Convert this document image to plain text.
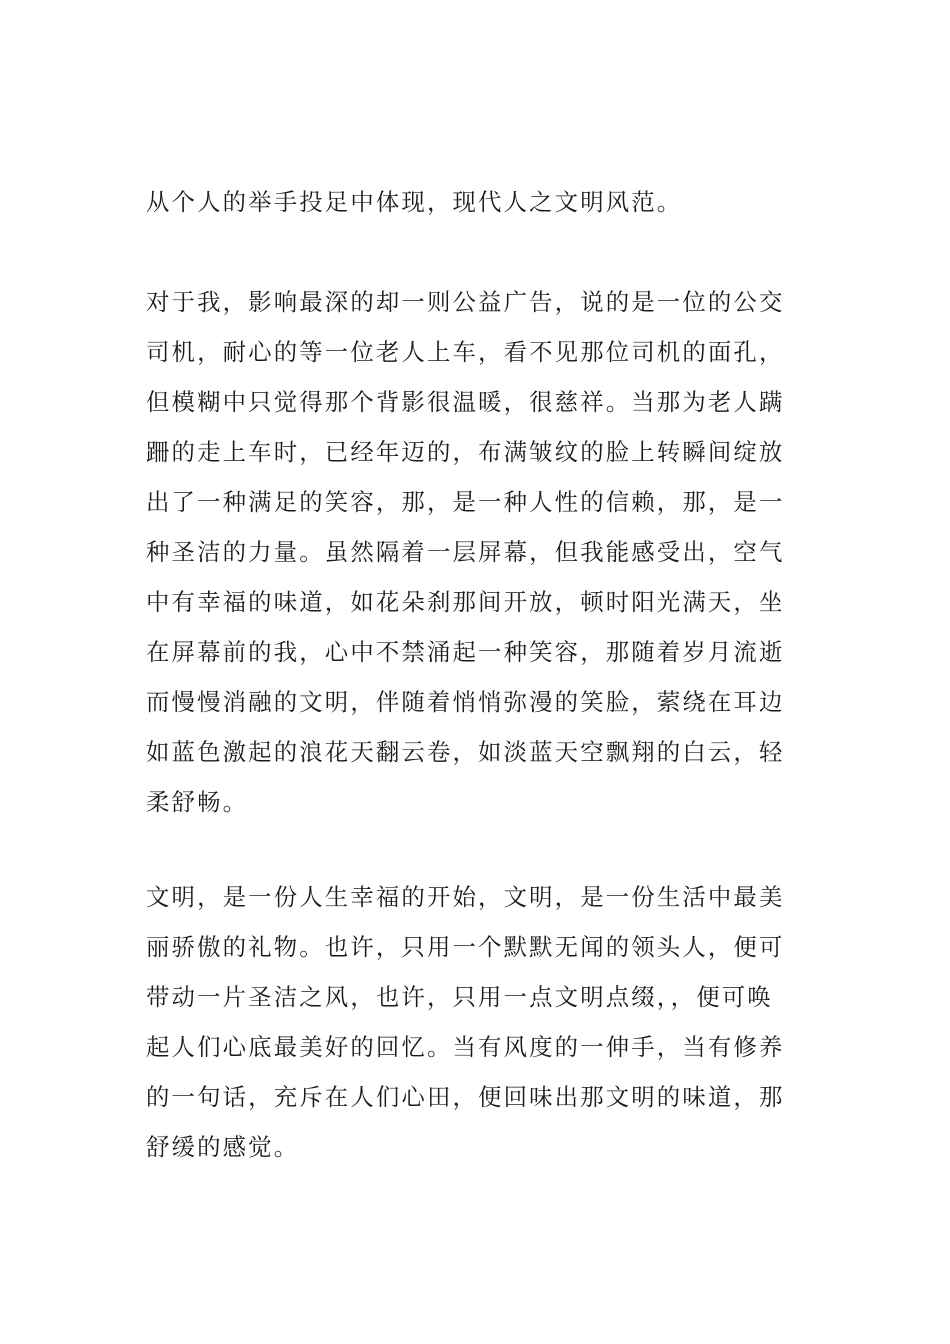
从个人的举手投足中体现，现代人之文明风范。
对于我，影响最深的却一则公益广告，说的是一位的公交
司机，耐心的等一位老人上车，看不见那位司机的面孔，
但模糊中只觉得那个背影很温暖，很慈祥。当那为老人蹒
跚的走上车时，已经年迈的，布满皱纹的脸上转瞬间绽放
出了一种满足的笑容，那，是一种人性的信赖，那，是一
种圣洁的力量。虽然隔着一层屏幕，但我能感受出，空气
中有幸福的味道，如花朵刹那间开放，顿时阳光满天，坐
在屏幕前的我，心中不禁涌起一种笑容，那随着岁月流逝
而慢慢消融的文明，伴随着悄悄弥漫的笑脸，萦绕在耳边
如蓝色激起的浪花天翻云卷，如淡蓝天空飘翔的白云，轻
柔舒畅。
文明，是一份人生幸福的开始，文明，是一份生活中最美
丽骄傲的礼物。也许，只用一个默默无闻的领头人，便可
带动一片圣洁之风，也许，只用一点文明点缀，，便可唤
起人们心底最美好的回忆。当有风度的一伸手，当有修养
的一句话，充斥在人们心田，便回味出那文明的味道，那
舒缓的感觉。
